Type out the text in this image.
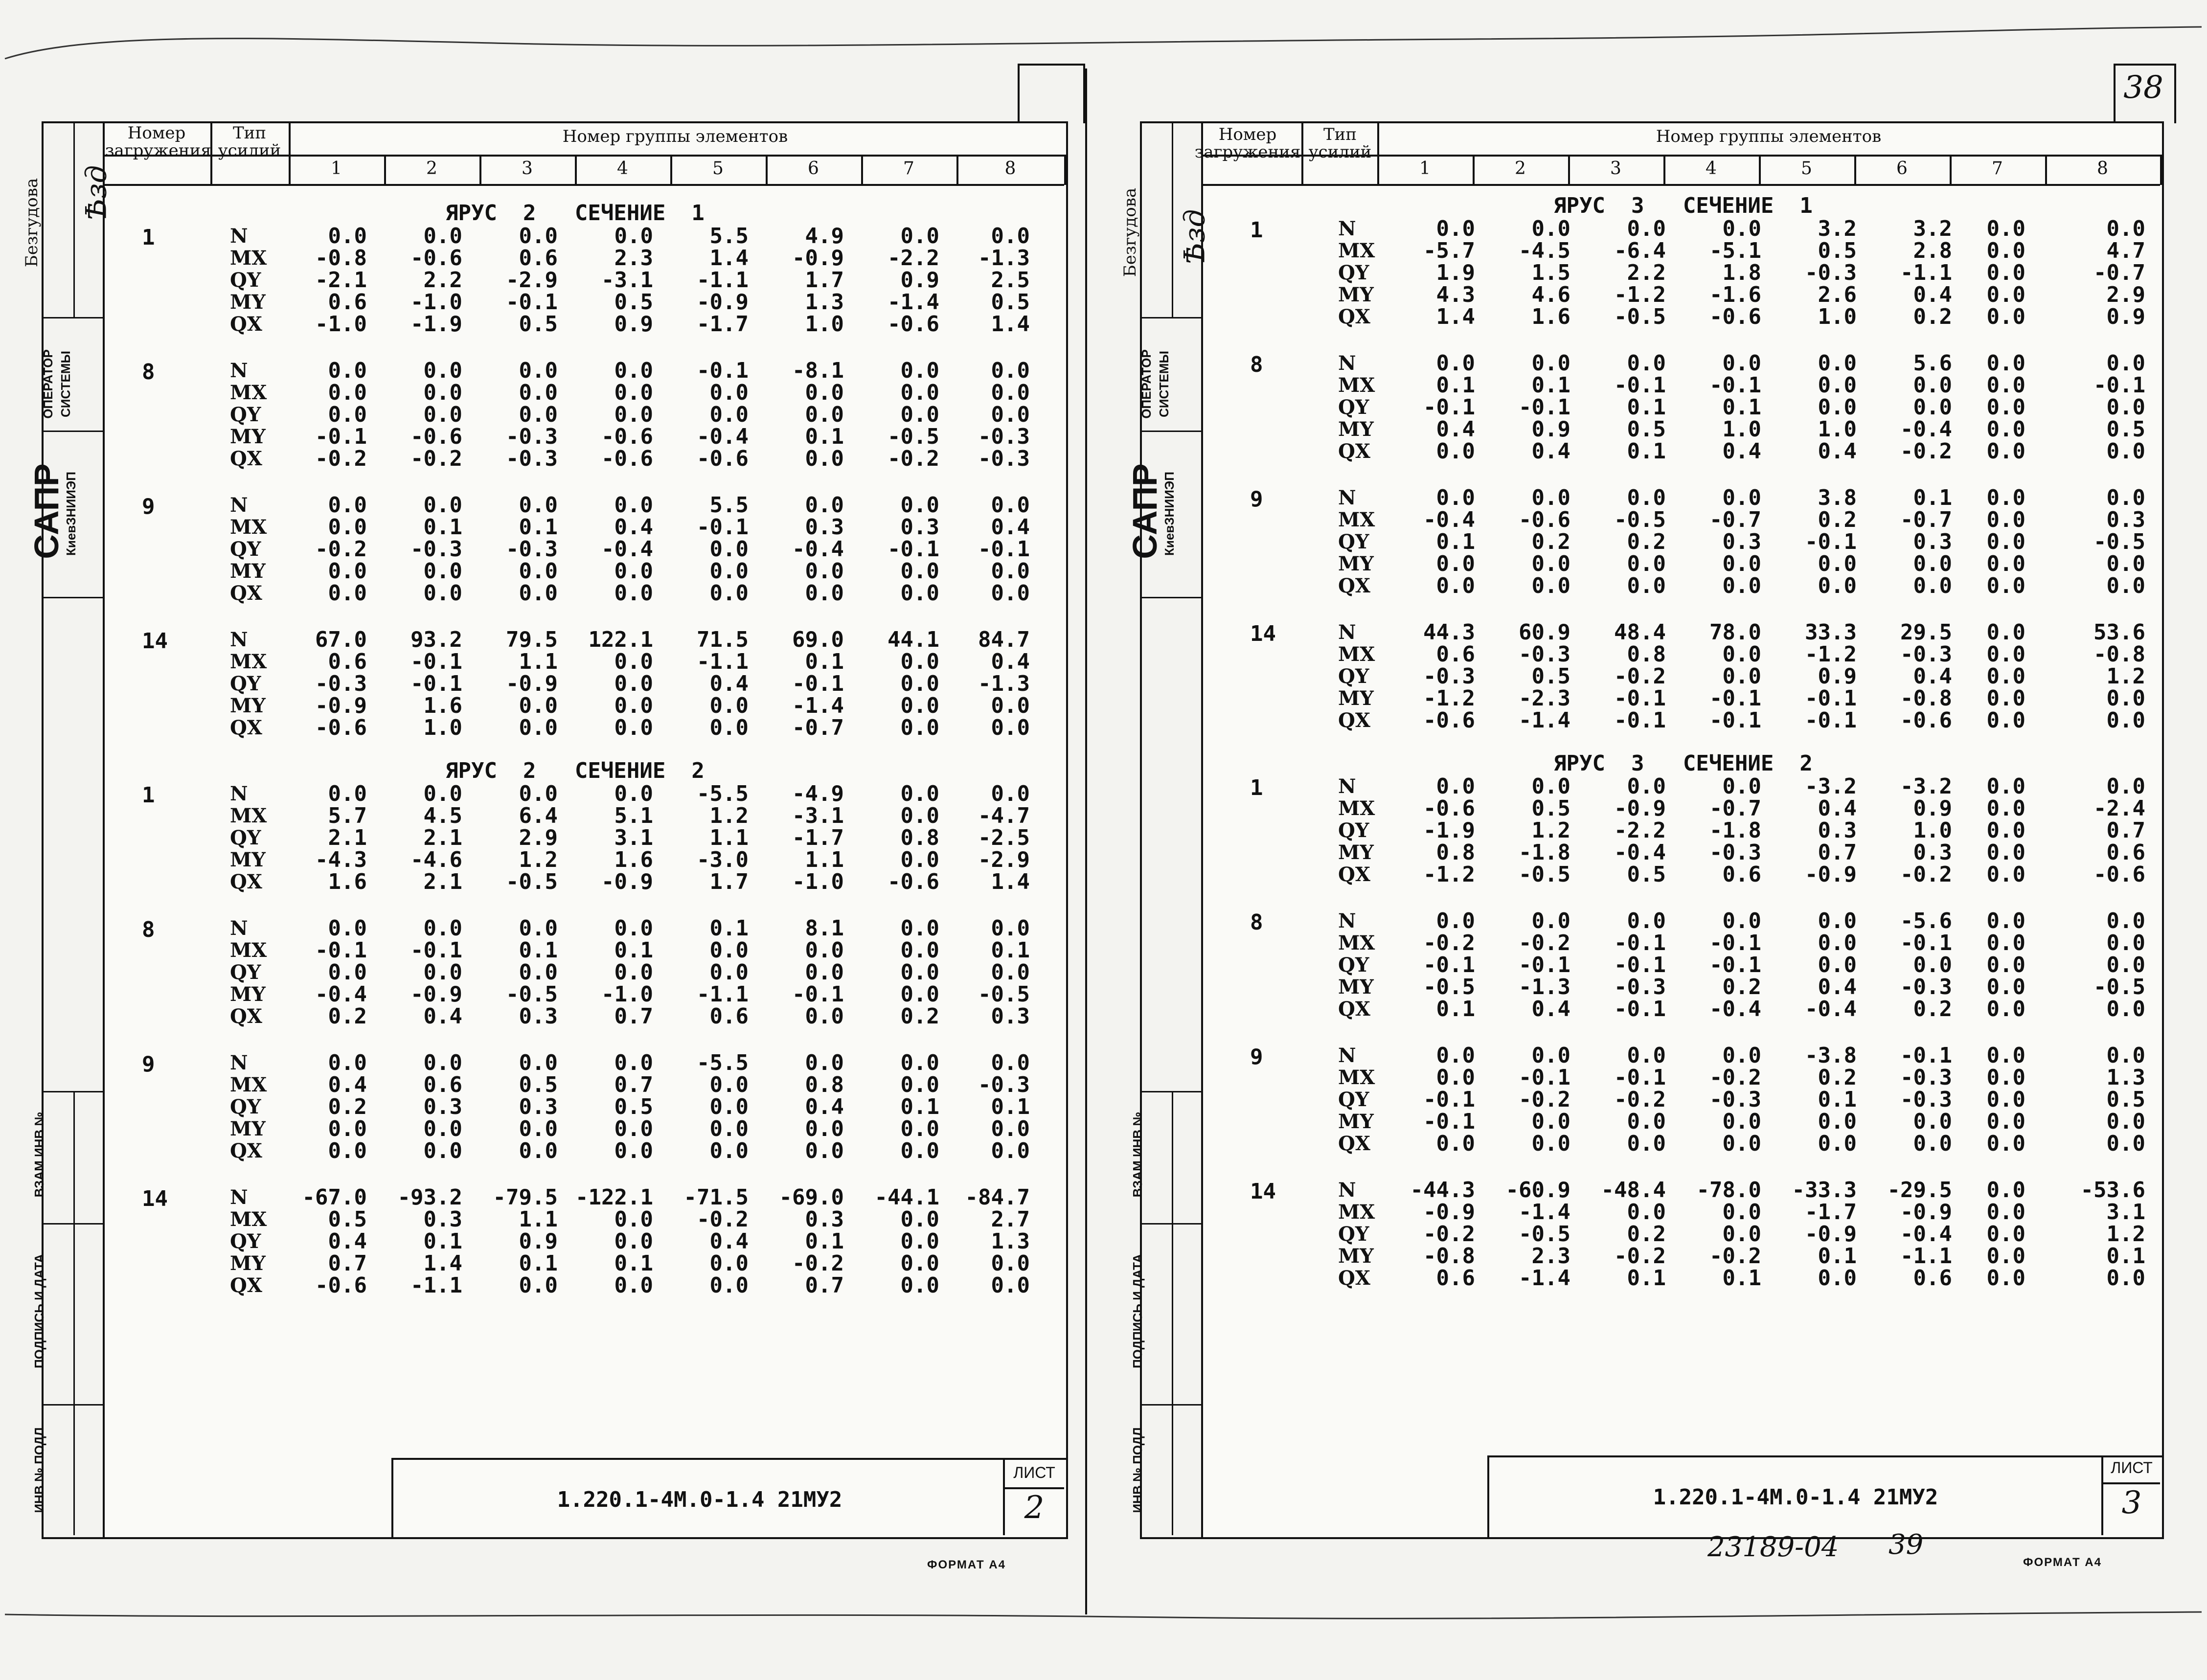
Безгудова Ѣзд
ОПЕРАТОР СИСТЕМЫ
САПР
КиевЗНИИЭП
ВЗАМ ИНВ №
ПОДПИСЬ И ДАТА
ИНВ № ПОДЛ
Номер загружения
Тип усилий
Номер группы элементов
1	2	3	4	5	6	7	8
ЯРУС  2   СЕЧЕНИЕ  1
1	N	0.0	0.0	0.0	0.0	5.5	4.9	0.0	0.0
MX	-0.8	-0.6	0.6	2.3	1.4	-0.9	-2.2	-1.3
QY	-2.1	2.2	-2.9	-3.1	-1.1	1.7	0.9	2.5
MY	0.6	-1.0	-0.1	0.5	-0.9	1.3	-1.4	0.5
QX	-1.0	-1.9	0.5	0.9	-1.7	1.0	-0.6	1.4
8	N	0.0	0.0	0.0	0.0	-0.1	-8.1	0.0	0.0
MX	0.0	0.0	0.0	0.0	0.0	0.0	0.0	0.0
QY	0.0	0.0	0.0	0.0	0.0	0.0	0.0	0.0
MY	-0.1	-0.6	-0.3	-0.6	-0.4	0.1	-0.5	-0.3
QX	-0.2	-0.2	-0.3	-0.6	-0.6	0.0	-0.2	-0.3
9	N	0.0	0.0	0.0	0.0	5.5	0.0	0.0	0.0
MX	0.0	0.1	0.1	0.4	-0.1	0.3	0.3	0.4
QY	-0.2	-0.3	-0.3	-0.4	0.0	-0.4	-0.1	-0.1
MY	0.0	0.0	0.0	0.0	0.0	0.0	0.0	0.0
QX	0.0	0.0	0.0	0.0	0.0	0.0	0.0	0.0
14	N	67.0	93.2	79.5	122.1	71.5	69.0	44.1	84.7
MX	0.6	-0.1	1.1	0.0	-1.1	0.1	0.0	0.4
QY	-0.3	-0.1	-0.9	0.0	0.4	-0.1	0.0	-1.3
MY	-0.9	1.6	0.0	0.0	0.0	-1.4	0.0	0.0
QX	-0.6	1.0	0.0	0.0	0.0	-0.7	0.0	0.0
ЯРУС  2   СЕЧЕНИЕ  2
1	N	0.0	0.0	0.0	0.0	-5.5	-4.9	0.0	0.0
MX	5.7	4.5	6.4	5.1	1.2	-3.1	0.0	-4.7
QY	2.1	2.1	2.9	3.1	1.1	-1.7	0.8	-2.5
MY	-4.3	-4.6	1.2	1.6	-3.0	1.1	0.0	-2.9
QX	1.6	2.1	-0.5	-0.9	1.7	-1.0	-0.6	1.4
8	N	0.0	0.0	0.0	0.0	0.1	8.1	0.0	0.0
MX	-0.1	-0.1	0.1	0.1	0.0	0.0	0.0	0.1
QY	0.0	0.0	0.0	0.0	0.0	0.0	0.0	0.0
MY	-0.4	-0.9	-0.5	-1.0	-1.1	-0.1	0.0	-0.5
QX	0.2	0.4	0.3	0.7	0.6	0.0	0.2	0.3
9	N	0.0	0.0	0.0	0.0	-5.5	0.0	0.0	0.0
MX	0.4	0.6	0.5	0.7	0.0	0.8	0.0	-0.3
QY	0.2	0.3	0.3	0.5	0.0	0.4	0.1	0.1
MY	0.0	0.0	0.0	0.0	0.0	0.0	0.0	0.0
QX	0.0	0.0	0.0	0.0	0.0	0.0	0.0	0.0
14	N	-67.0	-93.2	-79.5 -122.1	-71.5	-69.0	-44.1	-84.7
MX	0.5	0.3	1.1	0.0	-0.2	0.3	0.0	2.7
QY	0.4	0.1	0.9	0.0	0.4	0.1	0.0	1.3
MY	0.7	1.4	0.1	0.1	0.0	-0.2	0.0	0.0
QX	-0.6	-1.1	0.0	0.0	0.0	0.7	0.0	0.0
1.220.1-4М.0-1.4 21МУ2
ЛИСТ
2
ФОРМАТ А4
38
Безгудова Ѣзд
ОПЕРАТОР СИСТЕМЫ
САПР
КиевЗНИИЭП
ВЗАМ ИНВ №
ПОДПИСЬ И ДАТА
ИНВ № ПОДЛ
Номер загружения
Тип усилий
Номер группы элементов
1	2	3	4	5	6	7	8
ЯРУС  3   СЕЧЕНИЕ  1
1	N	0.0	0.0	0.0	0.0	3.2	3.2	0.0	0.0
MX	-5.7	-4.5	-6.4	-5.1	0.5	2.8	0.0	4.7
QY	1.9	1.5	2.2	1.8	-0.3	-1.1	0.0	-0.7
MY	4.3	4.6	-1.2	-1.6	2.6	0.4	0.0	2.9
QX	1.4	1.6	-0.5	-0.6	1.0	0.2	0.0	0.9
8	N	0.0	0.0	0.0	0.0	0.0	5.6	0.0	0.0
MX	0.1	0.1	-0.1	-0.1	0.0	0.0	0.0	-0.1
QY	-0.1	-0.1	0.1	0.1	0.0	0.0	0.0	0.0
MY	0.4	0.9	0.5	1.0	1.0	-0.4	0.0	0.5
QX	0.0	0.4	0.1	0.4	0.4	-0.2	0.0	0.0
9	N	0.0	0.0	0.0	0.0	3.8	0.1	0.0	0.0
MX	-0.4	-0.6	-0.5	-0.7	0.2	-0.7	0.0	0.3
QY	0.1	0.2	0.2	0.3	-0.1	0.3	0.0	-0.5
MY	0.0	0.0	0.0	0.0	0.0	0.0	0.0	0.0
QX	0.0	0.0	0.0	0.0	0.0	0.0	0.0	0.0
14	N	44.3	60.9	48.4	78.0	33.3	29.5	0.0	53.6
MX	0.6	-0.3	0.8	0.0	-1.2	-0.3	0.0	-0.8
QY	-0.3	0.5	-0.2	0.0	0.9	0.4	0.0	1.2
MY	-1.2	-2.3	-0.1	-0.1	-0.1	-0.8	0.0	0.0
QX	-0.6	-1.4	-0.1	-0.1	-0.1	-0.6	0.0	0.0
ЯРУС  3   СЕЧЕНИЕ  2
1	N	0.0	0.0	0.0	0.0	-3.2	-3.2	0.0	0.0
MX	-0.6	0.5	-0.9	-0.7	0.4	0.9	0.0	-2.4
QY	-1.9	1.2	-2.2	-1.8	0.3	1.0	0.0	0.7
MY	0.8	-1.8	-0.4	-0.3	0.7	0.3	0.0	0.6
QX	-1.2	-0.5	0.5	0.6	-0.9	-0.2	0.0	-0.6
8	N	0.0	0.0	0.0	0.0	0.0	-5.6	0.0	0.0
MX	-0.2	-0.2	-0.1	-0.1	0.0	-0.1	0.0	0.0
QY	-0.1	-0.1	-0.1	-0.1	0.0	0.0	0.0	0.0
MY	-0.5	-1.3	-0.3	0.2	0.4	-0.3	0.0	-0.5
QX	0.1	0.4	-0.1	-0.4	-0.4	0.2	0.0	0.0
9	N	0.0	0.0	0.0	0.0	-3.8	-0.1	0.0	0.0
MX	0.0	-0.1	-0.1	-0.2	0.2	-0.3	0.0	1.3
QY	-0.1	-0.2	-0.2	-0.3	0.1	-0.3	0.0	0.5
MY	-0.1	0.0	0.0	0.0	0.0	0.0	0.0	0.0
QX	0.0	0.0	0.0	0.0	0.0	0.0	0.0	0.0
14	N	-44.3	-60.9	-48.4	-78.0	-33.3	-29.5	0.0	-53.6
MX	-0.9	-1.4	0.0	0.0	-1.7	-0.9	0.0	3.1
QY	-0.2	-0.5	0.2	0.0	-0.9	-0.4	0.0	1.2
MY	-0.8	2.3	-0.2	-0.2	0.1	-1.1	0.0	0.1
QX	0.6	-1.4	0.1	0.1	0.0	0.6	0.0	0.0
1.220.1-4М.0-1.4 21МУ2
ЛИСТ
3
23189-04 39
ФОРМАТ А4
